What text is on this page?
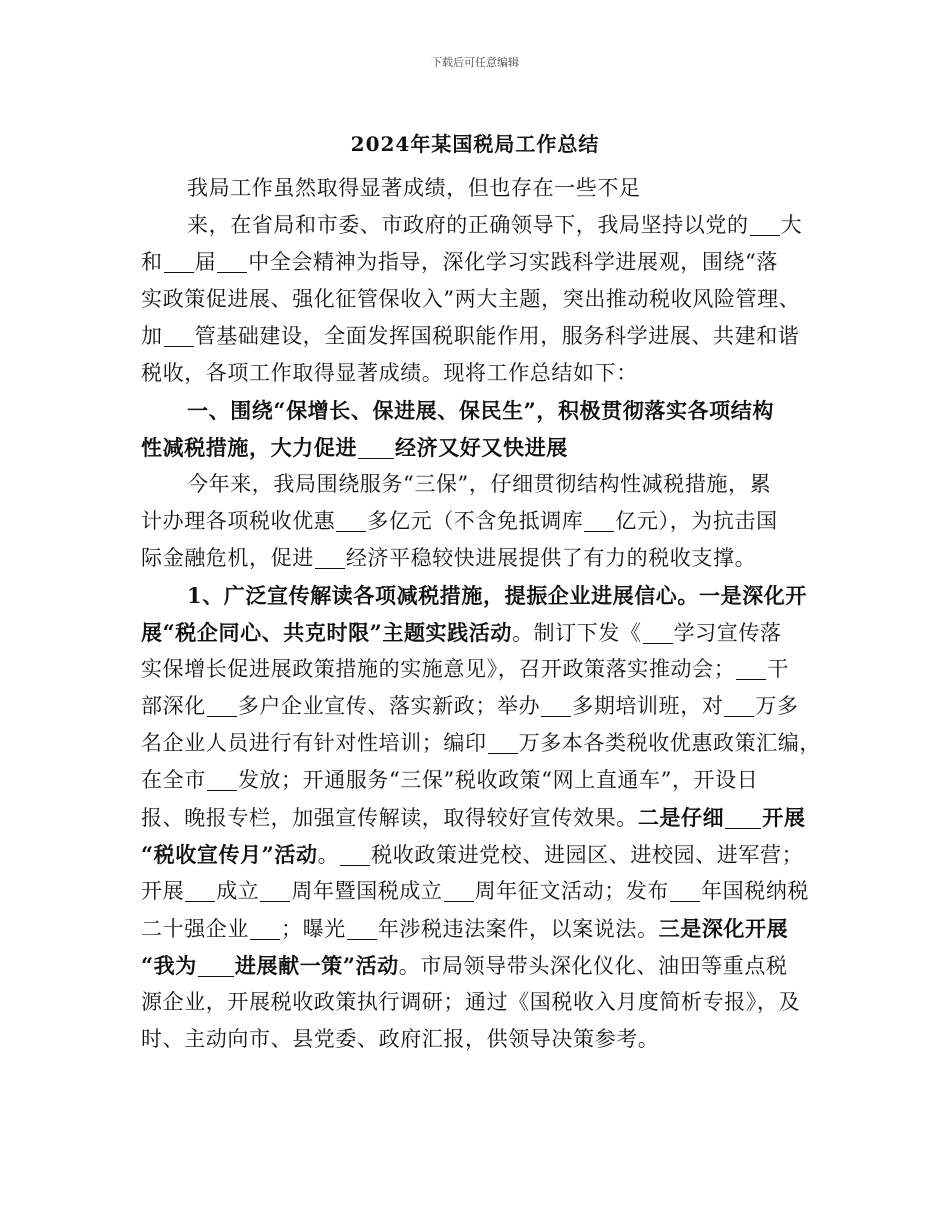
下载后可任意编辑
2024年某国税局工作总结
我局工作虽然取得显著成绩，但也存在一些不足
来，在省局和市委、市政府的正确领导下，我局坚持以党的 大
和 届 中全会精神为指导，深化学习实践科学进展观，围绕“落
实政策促进展、强化征管保收入”两大主题，突出推动税收风险管理、
加 管基础建设，全面发挥国税职能作用，服务科学进展、共建和谐
税收，各项工作取得显著成绩。现将工作总结如下：
一、围绕“保增长、保进展、保民生”，积极贯彻落实各项结构
性减税措施，大力促进 经济又好又快进展
今年来，我局围绕服务“三保”，仔细贯彻结构性减税措施，累
计办理各项税收优惠 多亿元（不含免抵调库 亿元），为抗击国
际金融危机，促进 经济平稳较快进展提供了有力的税收支撑。
1、广泛宣传解读各项减税措施，提振企业进展信心。一是深化开
展“税企同心、共克时限”主题实践活动。制订下发《 学习宣传落
实保增长促进展政策措施的实施意见》，召开政策落实推动会； 干
部深化 多户企业宣传、落实新政；举办 多期培训班，对 万多
名企业人员进行有针对性培训；编印 万多本各类税收优惠政策汇编，
在全市 发放；开通服务“三保”税收政策“网上直通车”，开设日
报、晚报专栏，加强宣传解读，取得较好宣传效果。二是仔细 开展
“税收宣传月”活动。 税收政策进党校、进园区、进校园、进军营；
开展 成立 周年暨国税成立 周年征文活动；发布 年国税纳税
二十强企业 ；曝光 年涉税违法案件，以案说法。三是深化开展
“我为 进展献一策”活动。市局领导带头深化仪化、油田等重点税
源企业，开展税收政策执行调研；通过《国税收入月度简析专报》，及
时、主动向市、县党委、政府汇报，供领导决策参考。
